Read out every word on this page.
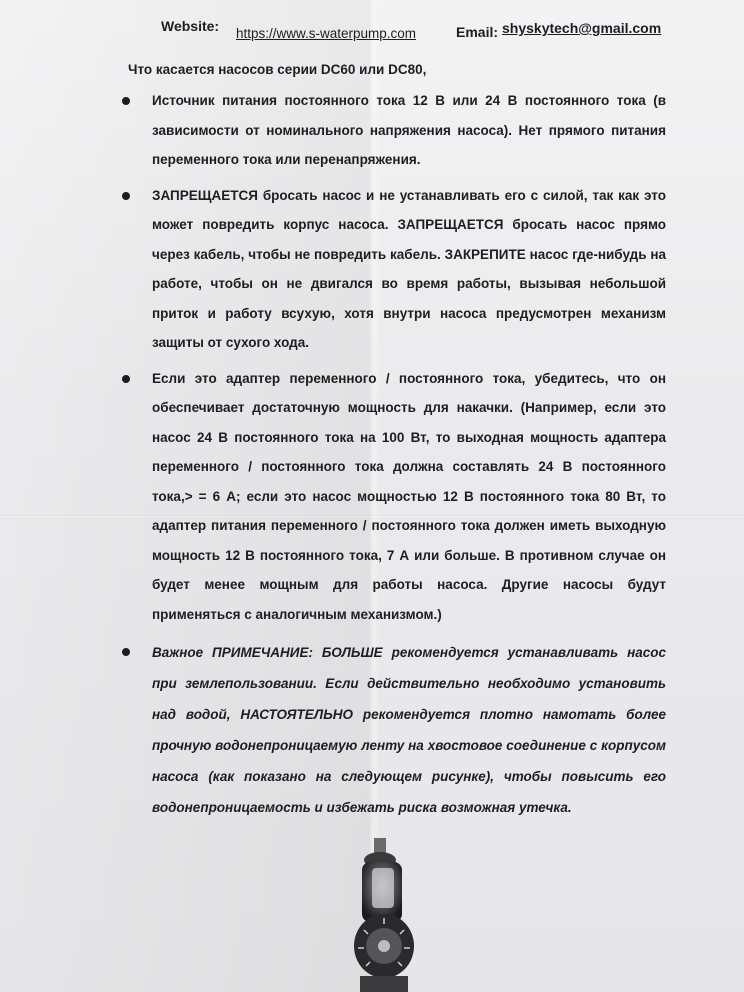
Website: https://www.s-waterpump.com	Email: shyskytech@gmail.com
Что касается насосов серии DC60 или DC80,
Источник питания постоянного тока 12 В или 24 В постоянного тока (в зависимости от номинального напряжения насоса). Нет прямого питания переменного тока или перенапряжения.
ЗАПРЕЩАЕТСЯ бросать насос и не устанавливать его с силой, так как это может повредить корпус насоса. ЗАПРЕЩАЕТСЯ бросать насос прямо через кабель, чтобы не повредить кабель. ЗАКРЕПИТЕ насос где-нибудь на работе, чтобы он не двигался во время работы, вызывая небольшой приток и работу всухую, хотя внутри насоса предусмотрен механизм защиты от сухого хода.
Если это адаптер переменного / постоянного тока, убедитесь, что он обеспечивает достаточную мощность для накачки. (Например, если это насос 24 В постоянного тока на 100 Вт, то выходная мощность адаптера переменного / постоянного тока должна составлять 24 В постоянного тока,> = 6 А; если это насос мощностью 12 В постоянного тока 80 Вт, то адаптер питания переменного / постоянного тока должен иметь выходную мощность 12 В постоянного тока, 7 А или больше. В противном случае он будет менее мощным для работы насоса. Другие насосы будут применяться с аналогичным механизмом.)
Важное ПРИМЕЧАНИЕ: БОЛЬШЕ рекомендуется устанавливать насос при землепользовании. Если действительно необходимо установить над водой, НАСТОЯТЕЛЬНО рекомендуется плотно намотать более прочную водонепроницаемую ленту на хвостовое соединение с корпусом насоса (как показано на следующем рисунке), чтобы повысить его водонепроницаемость и избежать риска возможная утечка.
